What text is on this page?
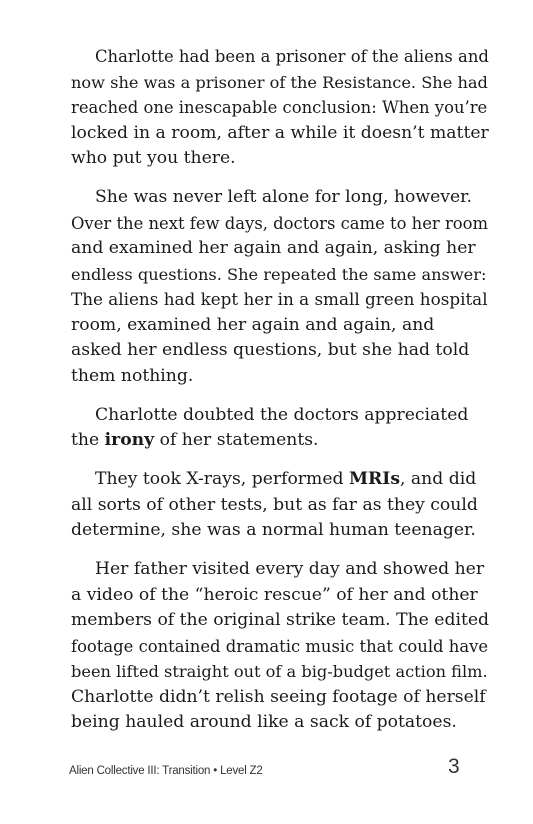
Charlotte had been a prisoner of the aliens and
now she was a prisoner of the Resistance. She had
reached one inescapable conclusion: When you’re
locked in a room, after a while it doesn’t matter
who put you there.

She was never left alone for long, however.
Over the next few days, doctors came to her room
and examined her again and again, asking her
endless questions. She repeated the same answer:
The aliens had kept her in a small green hospital
room, examined her again and again, and
asked her endless questions, but she had told
them nothing.

Charlotte doubted the doctors appreciated
the irony of her statements.

They took X-rays, performed MRIs, and did
all sorts of other tests, but as far as they could
determine, she was a normal human teenager.

Her father visited every day and showed her
a video of the “heroic rescue” of her and other
members of the original strike team. The edited
footage contained dramatic music that could have
been lifted straight out of a big-budget action film.
Charlotte didn’t relish seeing footage of herself
being hauled around like a sack of potatoes.

Alien Collective III: Transition • Level Z2	3
